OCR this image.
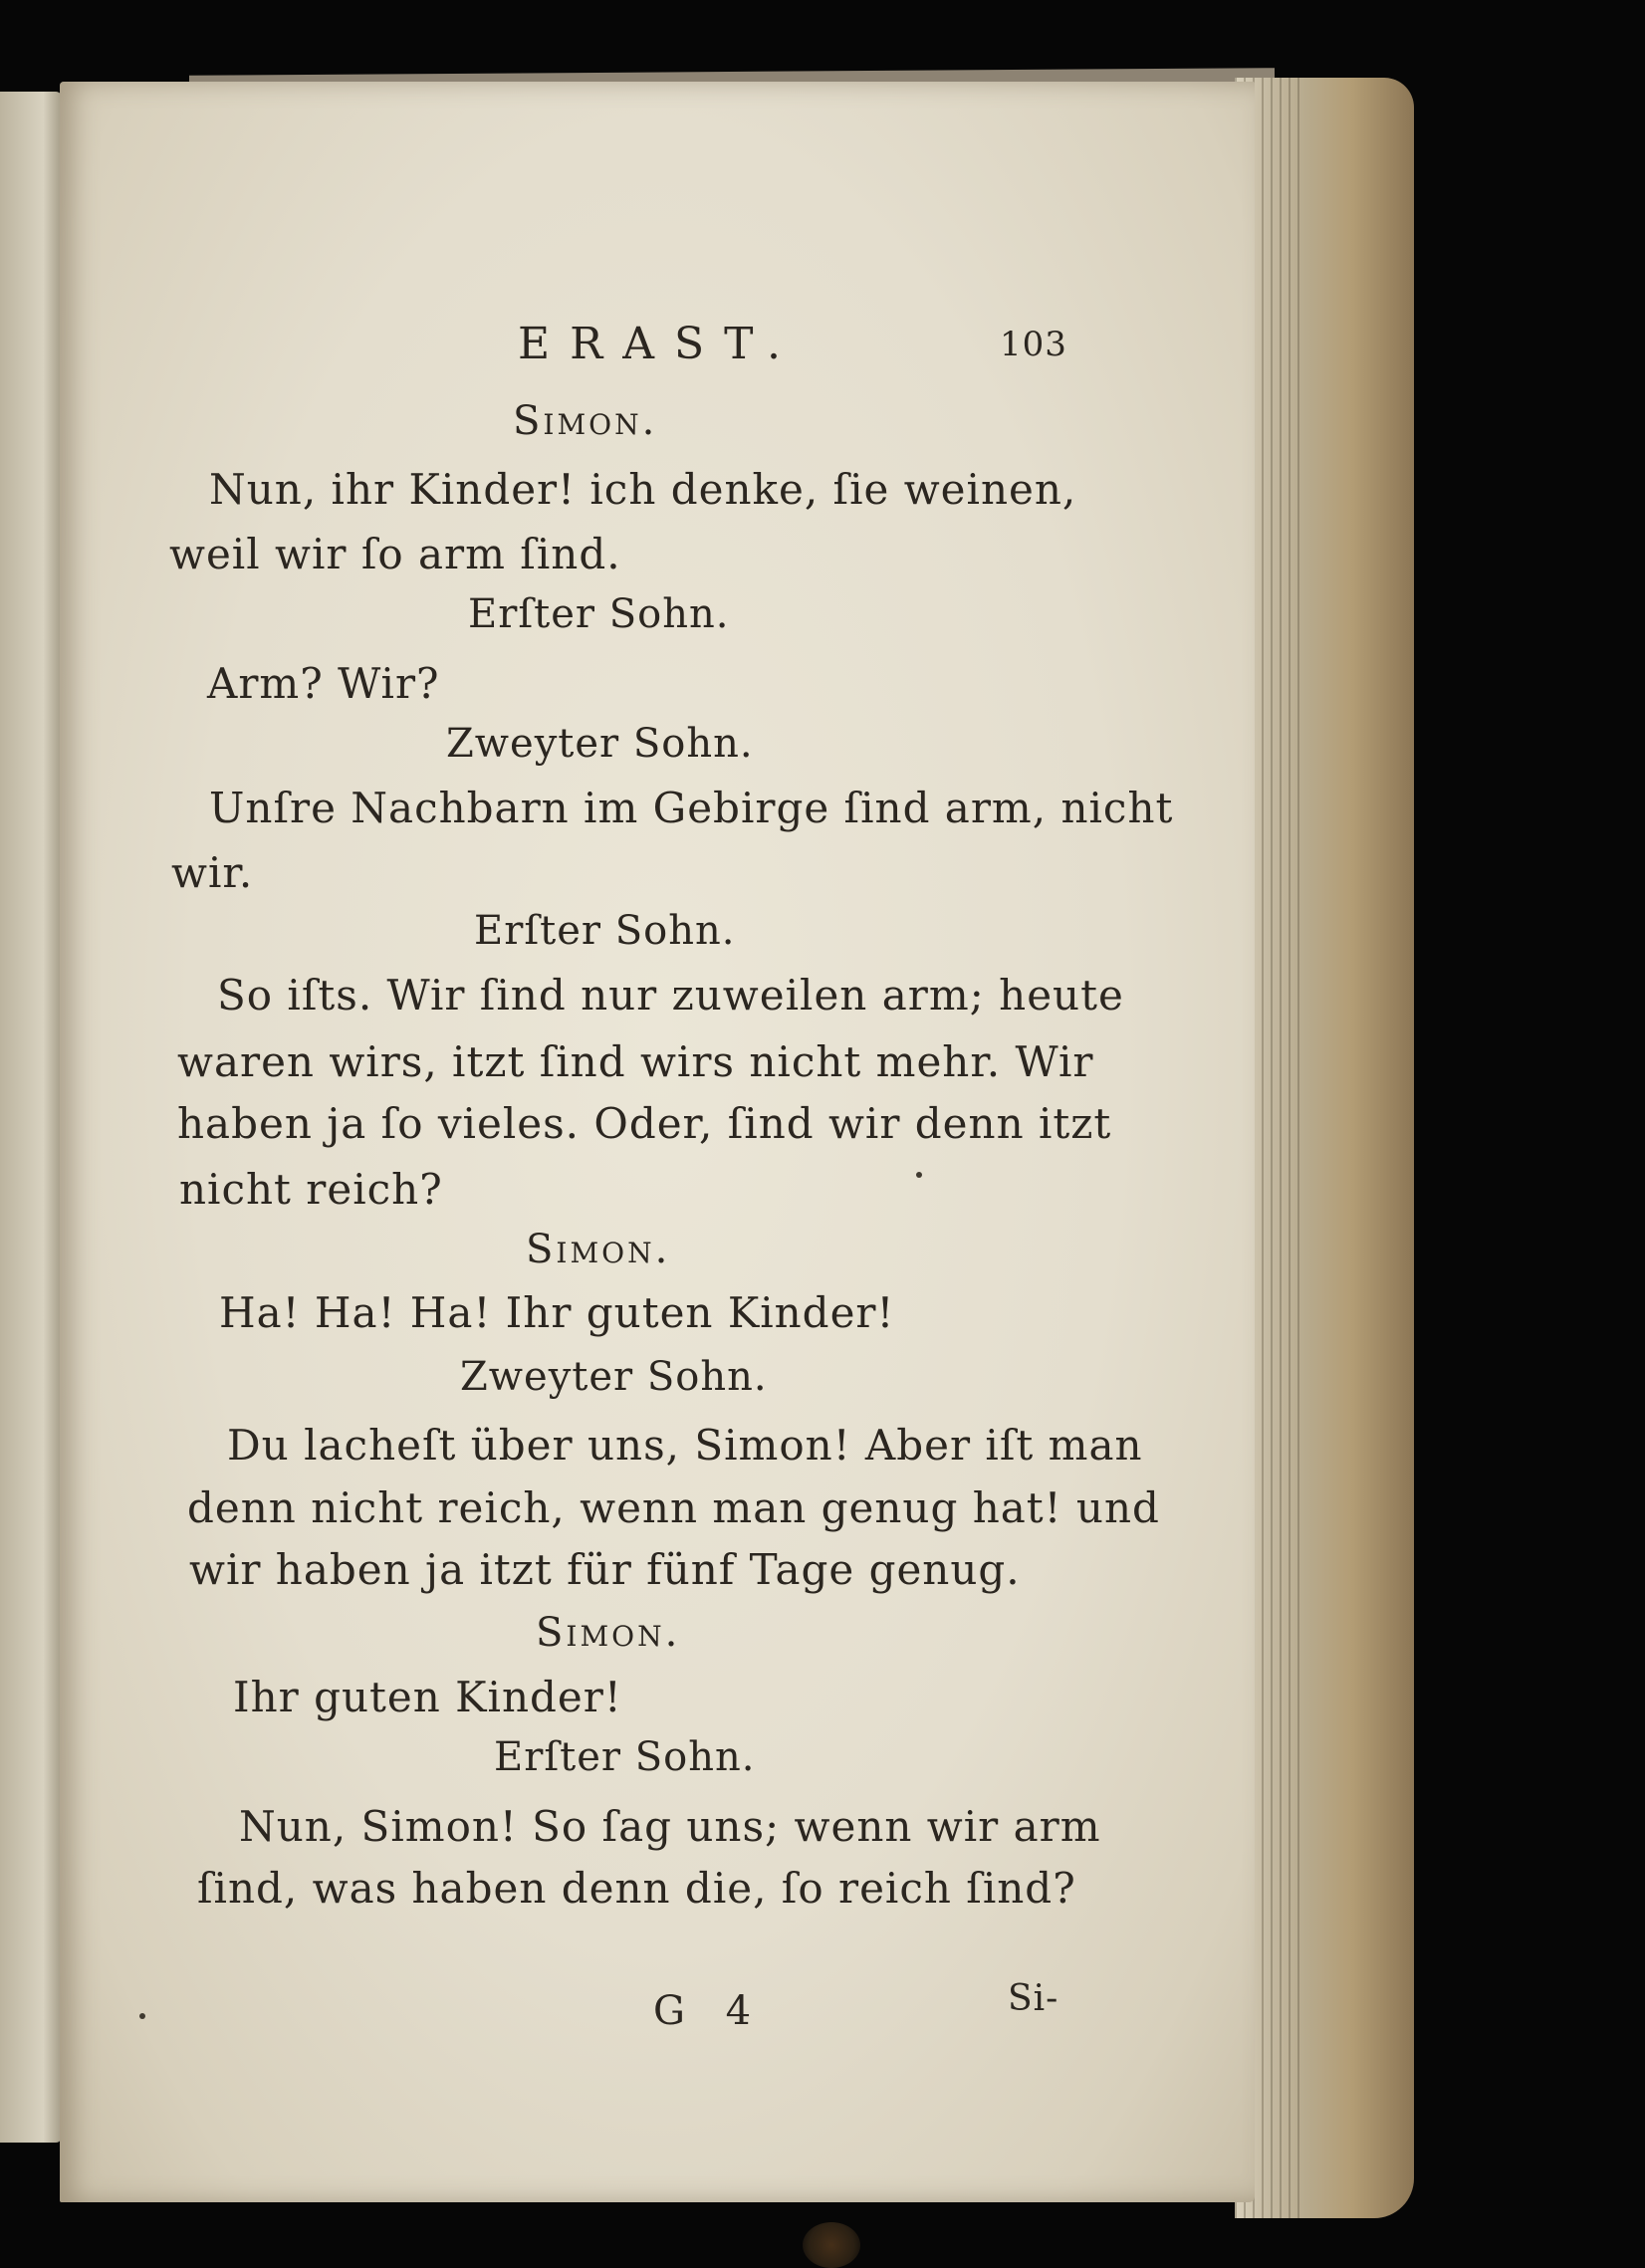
ERAST.	103
Simon.
Nun, ihr Kinder! ich denke, ſie weinen,
weil wir ſo arm ſind.
Erſter Sohn.
Arm? Wir?
Zweyter Sohn.
Unſre Nachbarn im Gebirge ſind arm, nicht
wir.
Erſter Sohn.
So iſts. Wir ſind nur zuweilen arm; heute
waren wirs, itzt ſind wirs nicht mehr. Wir
haben ja ſo vieles. Oder, ſind wir denn itzt
nicht reich?
Simon.
Ha! Ha! Ha! Ihr guten Kinder!
Zweyter Sohn.
Du lacheſt über uns, Simon! Aber iſt man
denn nicht reich, wenn man genug hat! und
wir haben ja itzt für fünf Tage genug.
Simon.
Ihr guten Kinder!
Erſter Sohn.
Nun, Simon! So ſag uns; wenn wir arm
ſind, was haben denn die, ſo reich ſind?
G 4	Si-
